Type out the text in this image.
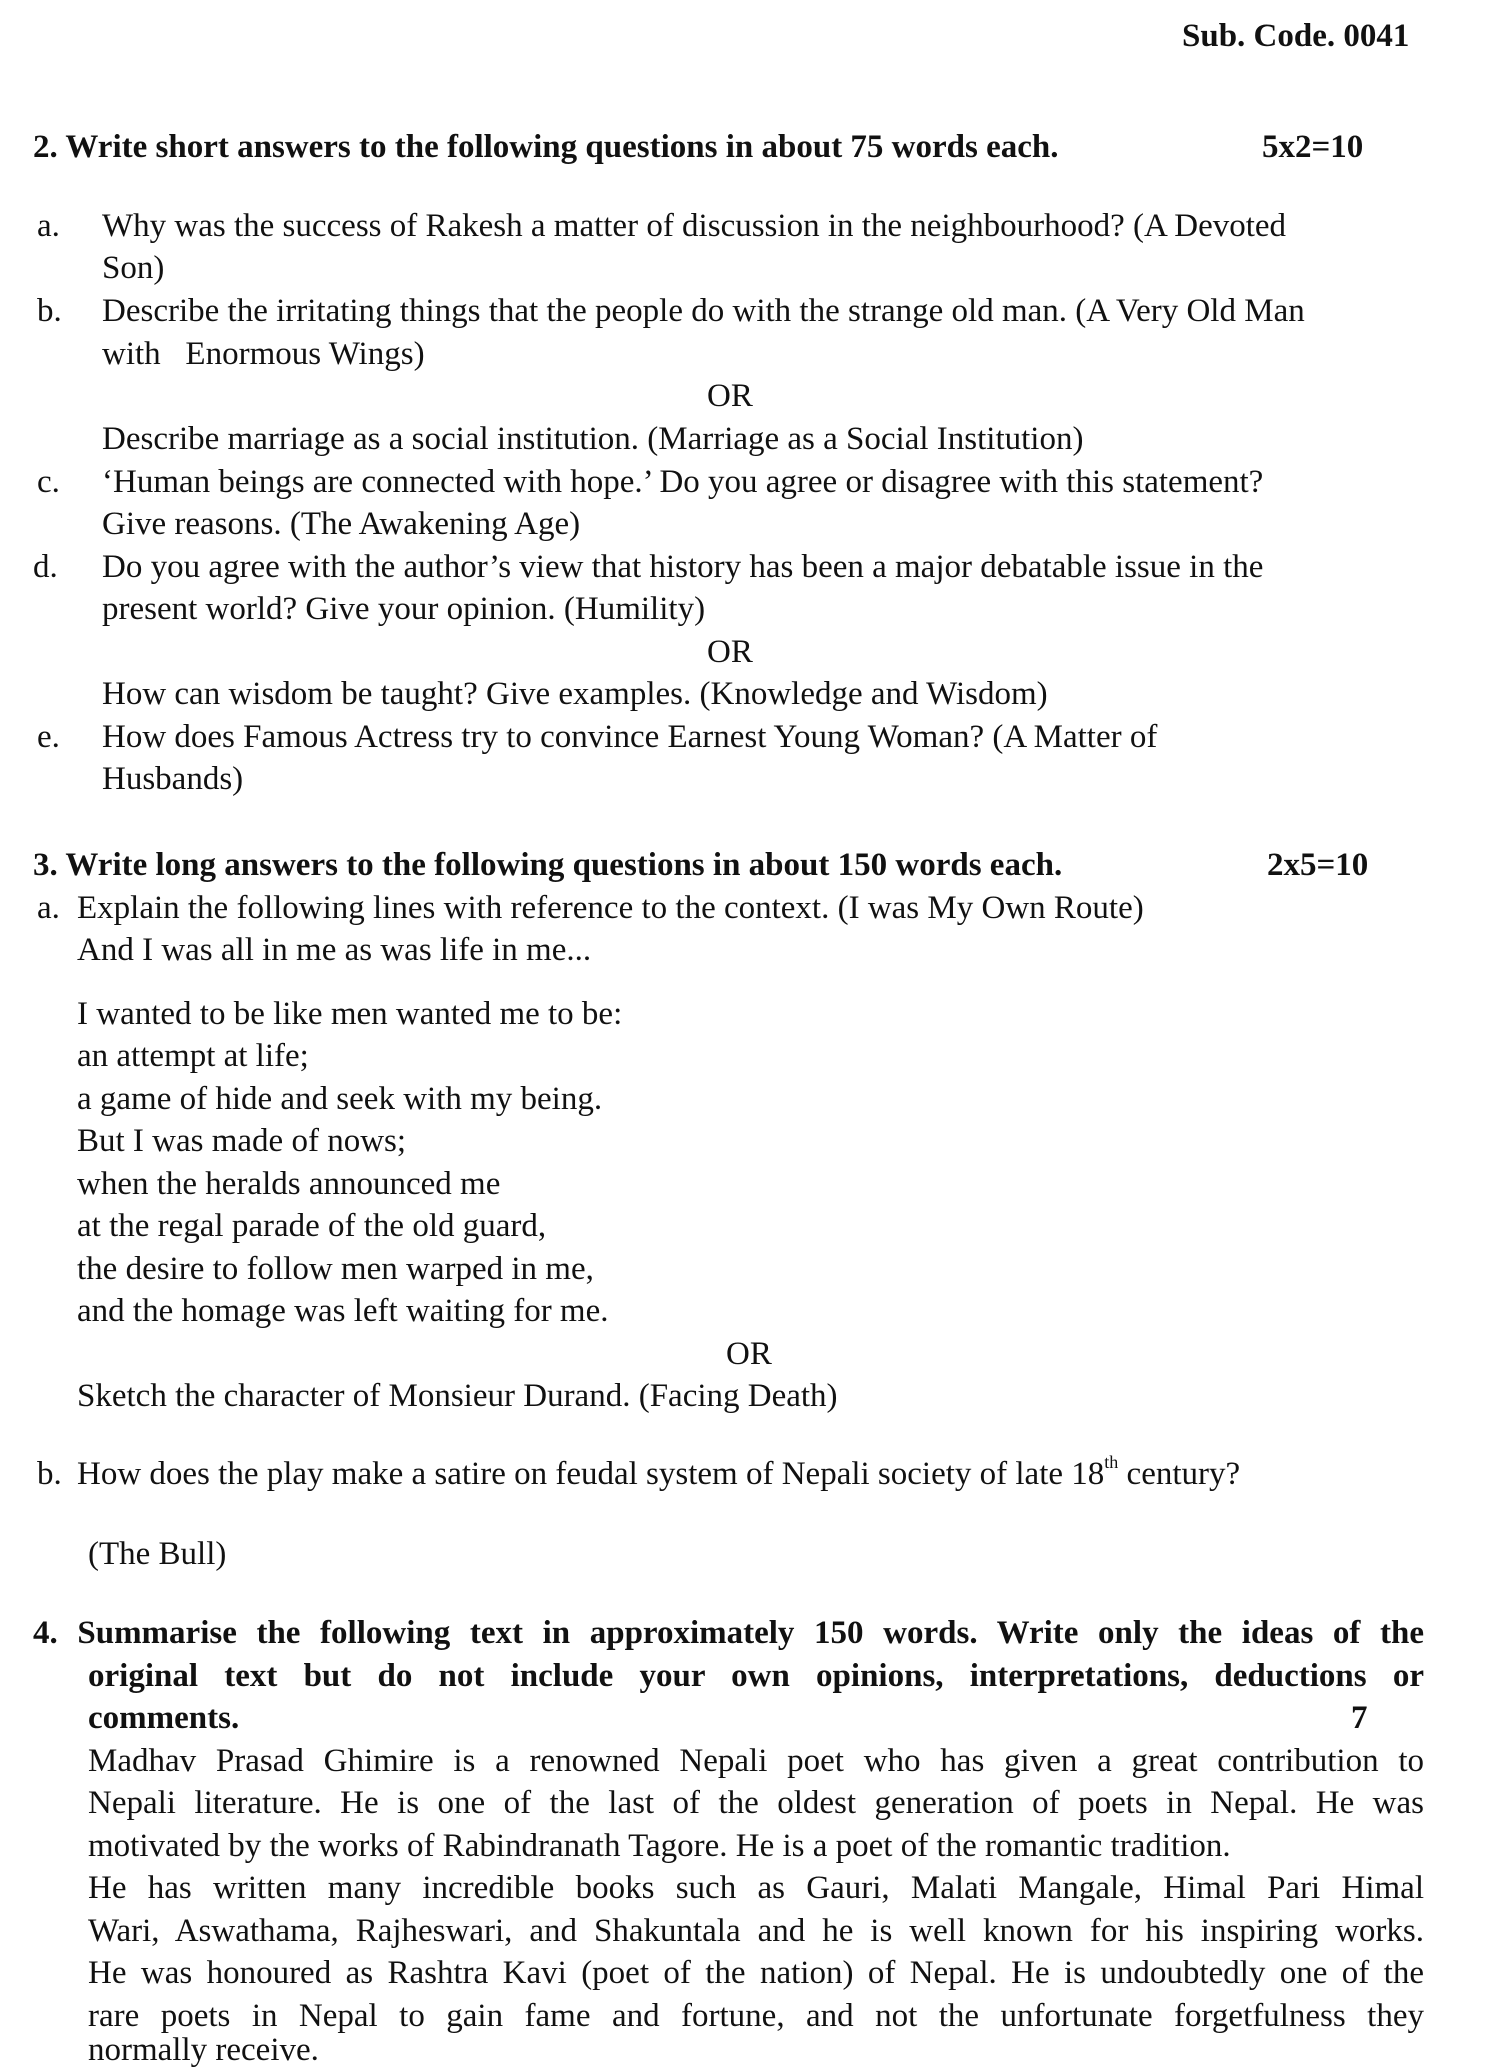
Sub. Code. 0041
2. Write short answers to the following questions in about 75 words each.	5x2=10
a. Why was the success of Rakesh a matter of discussion in the neighbourhood? (A Devoted
Son)
b. Describe the irritating things that the people do with the strange old man. (A Very Old Man
with   Enormous Wings)
OR
Describe marriage as a social institution. (Marriage as a Social Institution)
c. ‘Human beings are connected with hope.’ Do you agree or disagree with this statement?
Give reasons. (The Awakening Age)
d. Do you agree with the author’s view that history has been a major debatable issue in the
present world? Give your opinion. (Humility)
OR
How can wisdom be taught? Give examples. (Knowledge and Wisdom)
e. How does Famous Actress try to convince Earnest Young Woman? (A Matter of
Husbands)
3. Write long answers to the following questions in about 150 words each.	2x5=10
a. Explain the following lines with reference to the context. (I was My Own Route)
And I was all in me as was life in me...
I wanted to be like men wanted me to be:
an attempt at life;
a game of hide and seek with my being.
But I was made of nows;
when the heralds announced me
at the regal parade of the old guard,
the desire to follow men warped in me,
and the homage was left waiting for me.
OR
Sketch the character of Monsieur Durand. (Facing Death)
b. How does the play make a satire on feudal system of Nepali society of late 18th century?
(The Bull)
4. Summarise the following text in approximately 150 words. Write only the ideas of the
original text but do not include your own opinions, interpretations, deductions or
comments.	7
Madhav Prasad Ghimire is a renowned Nepali poet who has given a great contribution to
Nepali literature. He is one of the last of the oldest generation of poets in Nepal. He was
motivated by the works of Rabindranath Tagore. He is a poet of the romantic tradition.
He has written many incredible books such as Gauri, Malati Mangale, Himal Pari Himal
Wari, Aswathama, Rajheswari, and Shakuntala and he is well known for his inspiring works.
He was honoured as Rashtra Kavi (poet of the nation) of Nepal. He is undoubtedly one of the
rare poets in Nepal to gain fame and fortune, and not the unfortunate forgetfulness they
normally receive.
